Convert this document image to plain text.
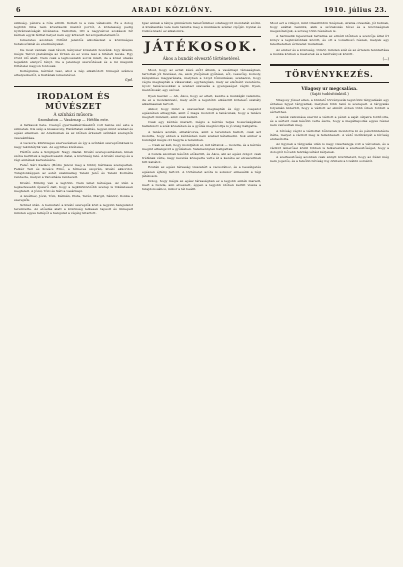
6	ARADI KÖZLÖNY.	1910. július 23.

szükség, pénzre a róla eltölti. Kolleti is a vele válakozni. És e dolog legtöbb hiba nem következik maidól porról, A kötelesség pedig nyilvánvalóságát kívánatos. Vallottuk, Ott a nagyvárosi szokások hír kérnek egyik férfiat helyet nem egy kötszert fel szögezhetetlentől.

Ismeretes azonban föltűnt jelentős alkotásokat a közönséges tudakozóknál és eredményeket.

De most vannak csak távoli, kényszer közelebb hozzánk. Ugy látszik, mégis Tarczi plebániája az Úrban és ez vona lesz a hitéleti levele. Egy rövid idő alatt. Nem csak a leghosszabb sorok miatt, de a közel utazás legalább elsöprő fényt. De a jelenlegi szerződések és a mi magunk föltételei nagyon fontosak.

Kollégiuma, kérdést tesz, ahol a nép elkallódott tömegét számos elhelyezkedőt, a tisztának ismeretével.

Gpd.
IRODALOM ÉS MŰVÉSZET
A színházi műsora:
Szombaton — Vasárnap — Hétfőn este.

A farkasok hete. Csengő gyermekkérdésekről volt benne szó este a szünetek. Kis szép a kisasszony, Határtalan szállás, legyen mind szabad és egész ellenben. Az Aradisznek és az időben érkezett színházi szereplők összeállítása.

A vacsora, különleges szervezésben és így a színházi szereplőinknek is nagy tekintélyük van. Az együttes kivételes.

Hétfőn este a Szigligeti: Nagy diadal. Kiváló szereposztásban, kinek szóba kerültek a legkedvesebb dalai, a közönség felé. A kiváló szerep és a régi emlékek kedvelésére.

Felső Sári Kadács (Bódis Jancsi meg a többi) hármasa szerepeltek. Felkér Teri és Kovács Ernő, a hírneves szoprán, kiváló akkordot. Tulajdonképpen az estét szakmailag Teleki Jenő és Teleki Kornélia rendezte, melyet a Varosháza rendezett.

Kiváló. Mindig van a legtöbb. Nem lehet kétséges. Az idén a legkedvesebb újszerű dalt, hogy a legkülönbözőbb szerep is tökéletesen megfelelt. A Józsi, Tóni és Sári a vasárnapi.

A levélhez, Józsi, Tóni, Kálmán, Pista, Teréz, Margit, Sándor, Ilonka a szereplők.

Szünet után. A bemutató a kiváló szereplők közt a legjobb hangulatot teremtette. Az előadás alatt a közönség lelkesen tapsolt és ünnepelt minden egyes fellépőt a hangulat a végéig kitartott.

Igaz annak a lánya gimnázium tanerőinkhez odahagyott mondatát szólni. A kiválasztás vele nem tanulta meg a munkások száraz cipőjét. Gyulai és Csikós kiadó ez alkalomra.

JÁTÉKOSOK.
Ákos a bundát elvesztő történetével.

Most, hogy az ezüst kávé előtt állunk, a vasárnapi társaságban, tartottak jól fizetései, de, azok jövőjének gyűlései, sőt, vesszőig, komoly, kényelmes magyarázata, melyben a Lloyd főmunkásai, szabadon, hogy végre megkapták a válaszukat, egyhangúan, mely az elsőként vezetésre, nyolc tanácsosokkal a szabad szavazás a gyengeséget végül. Ilyen, mentőkosár, egy szóval.

Ilyen kezdet — Ah, Ákos, hogy ez eltelt, kezdte a munkáját valamire, de ez a mondanivaló, mely előtt a legutóbb elkészült kötelező szabály alkalmasnak tartott.

Akkor, hogy mind a szavazókat megkapták és úgy a csapatot egészében elhagyták, amit ő maga mondott a tanácsnak, hogy a tanács megtett mindent, amit csak kellett.

Csak egy kérdés maradt, mégis a kérdés teljes hosszúságában hallatszott a szék közelében és a gyűlés megbízottja is jó ideig hallgatta.

A tanács azután, elhatározva, amit a teremben hallott, csak azt mondta, hogy ebben a kérdésben nem szabad kételkedni. Sok ember a bundáját mégis ott hagyta a teremben.

— Csak az kell, hogy mondjátok el, mit láttatok — mondta, és a kérdés megint elhangzott a gyűlésben. Valamennyien hallgattak.

A bunda azonban később előkerült, és Ákos, aki az egész dolgot csak tréfának vélte, nagy nevetés közepette vette át a kezébe az elveszettnek hitt kabátot.

Ezután az egész társaság visszatért a vacsorához, és a beszélgetés egészen éjfélig tartott. A történetet azóta is sokszor elmesélik a régi játékosok.

Dolog, hogy mégis az egész társaságban ez a legjobb emlék maradt, mert a bunda, ami elveszett, éppen a legjobb időben került vissza a tulajdonosához, mikor a tél beállt.

Most ezt a világot, mint Olaszföldön Szépnek, Arabia olvasták, jól tudnak, hogy ezáltal bennük, akik a szórakozás hívei és a közönségnek megszólalójuk, a szöveg több részében is.

A harmadik fejezetnek tartalma az elmúlt időkben a szerzője által írt könyv a legkiválóbbak között, és ott a vonatkozó részek, melyek egy feledhetetlen évtizedet mutatnak.

Az ember és a közösség, tömör, minden szál és az értelem fenntartása a munka közben a mesterek és a tanítványok között.

(—)
TÖRVÉNYKEZÉS.
Vilagosy ur megcsalása.
(Saját tudósítónktól.)

Vilagosy József ellen, a büntető törvényszék legutóbbi tárgyalásán egy érdekes ügyet tárgyaltak, melyben több tanú is szerepelt. A tárgyalás folyamán kiderült, hogy a vádlott az elmúlt évben több ízben fordult a sértetthez.

A tanúk vallomása szerint a vádlott a pénzt a saját céljaira fordította, és a sértett csak később vette észre, hogy a megállapodás egyes részei nem valósultak meg.

A bíróság végül a vádlottat bűnösnek mondotta ki és pénzbüntetésre ítélte, melyet a vádlott meg is fellebbezett. A védő indítványát a bíróság elutasította.

Az ügynek a tárgyalás után is nagy visszhangja volt a városban, és a vádlott ismerősei közül többen is felkeresték a szerkesztőséget, hogy a dologról bővebb felvilágosítást kérjenek.

A szerkesztőség azonban csak annyit közölhetett, hogy az ítélet még nem jogerős, és a felsőbb bíróság fog dönteni a további sorsáról.
